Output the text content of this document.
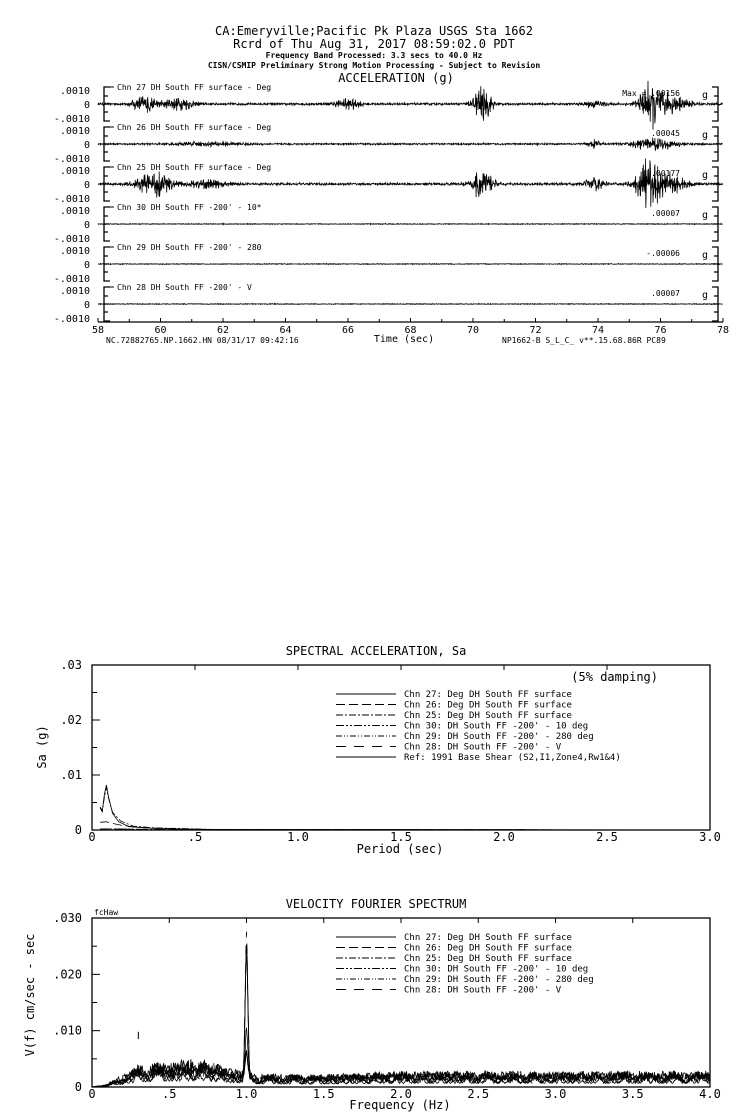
CA:Emeryville;Pacific Pk Plaza USGS Sta 1662
Rcrd of Thu Aug 31, 2017 08:59:02.0 PDT
Frequency Band Processed: 3.3 secs to 40.0 Hz
CISN/CSMIP Preliminary Strong Motion Processing - Subject to Revision
ACCELERATION (g)
.0010
0
-.0010
Chn 27 DH South FF surface - Deg
Max = .00156 g
.0010
0
-.0010
Chn 26 DH South FF surface - Deg
.00045 g
.0010
0
-.0010
Chn 25 DH South FF surface - Deg
.00177 g
.0010
0
-.0010
Chn 30 DH South FF -200' - 10*
.00007 g
.0010
0
-.0010
Chn 29 DH South FF -200' - 280
-.00006 g
.0010
0
-.0010
Chn 28 DH South FF -200' - V
.00007 g
58	60	62	64	66	68	70	72	74	76	78
Time (sec)
NC.72882765.NP.1662.HN 08/31/17 09:42:16	NP1662-B S_L_C_ v**.15.68.86R PC89
SPECTRAL ACCELERATION, Sa
0	.5	1.0	1.5	2.0	2.5	3.0
0
.01
.02
.03
Chn 27: Deg DH South FF surface
Chn 26: Deg DH South FF surface
Chn 25: Deg DH South FF surface
Chn 30: DH South FF -200' - 10 deg
Chn 29: DH South FF -200' - 280 deg
Chn 28: DH South FF -200' - V
Ref: 1991 Base Shear (S2,I1,Zone4,Rw1&4)
Period (sec)
Sa (g)
(5% damping)
VELOCITY FOURIER SPECTRUM
fcHaw
0	.5	1.0	1.5	2.0	2.5	3.0	3.5	4.0
0
.010
.020
.030
Chn 27: Deg DH South FF surface
Chn 26: Deg DH South FF surface
Chn 25: Deg DH South FF surface
Chn 30: DH South FF -200' - 10 deg
Chn 29: DH South FF -200' - 280 deg
Chn 28: DH South FF -200' - V
Frequency (Hz)
V(f) cm/sec - sec
